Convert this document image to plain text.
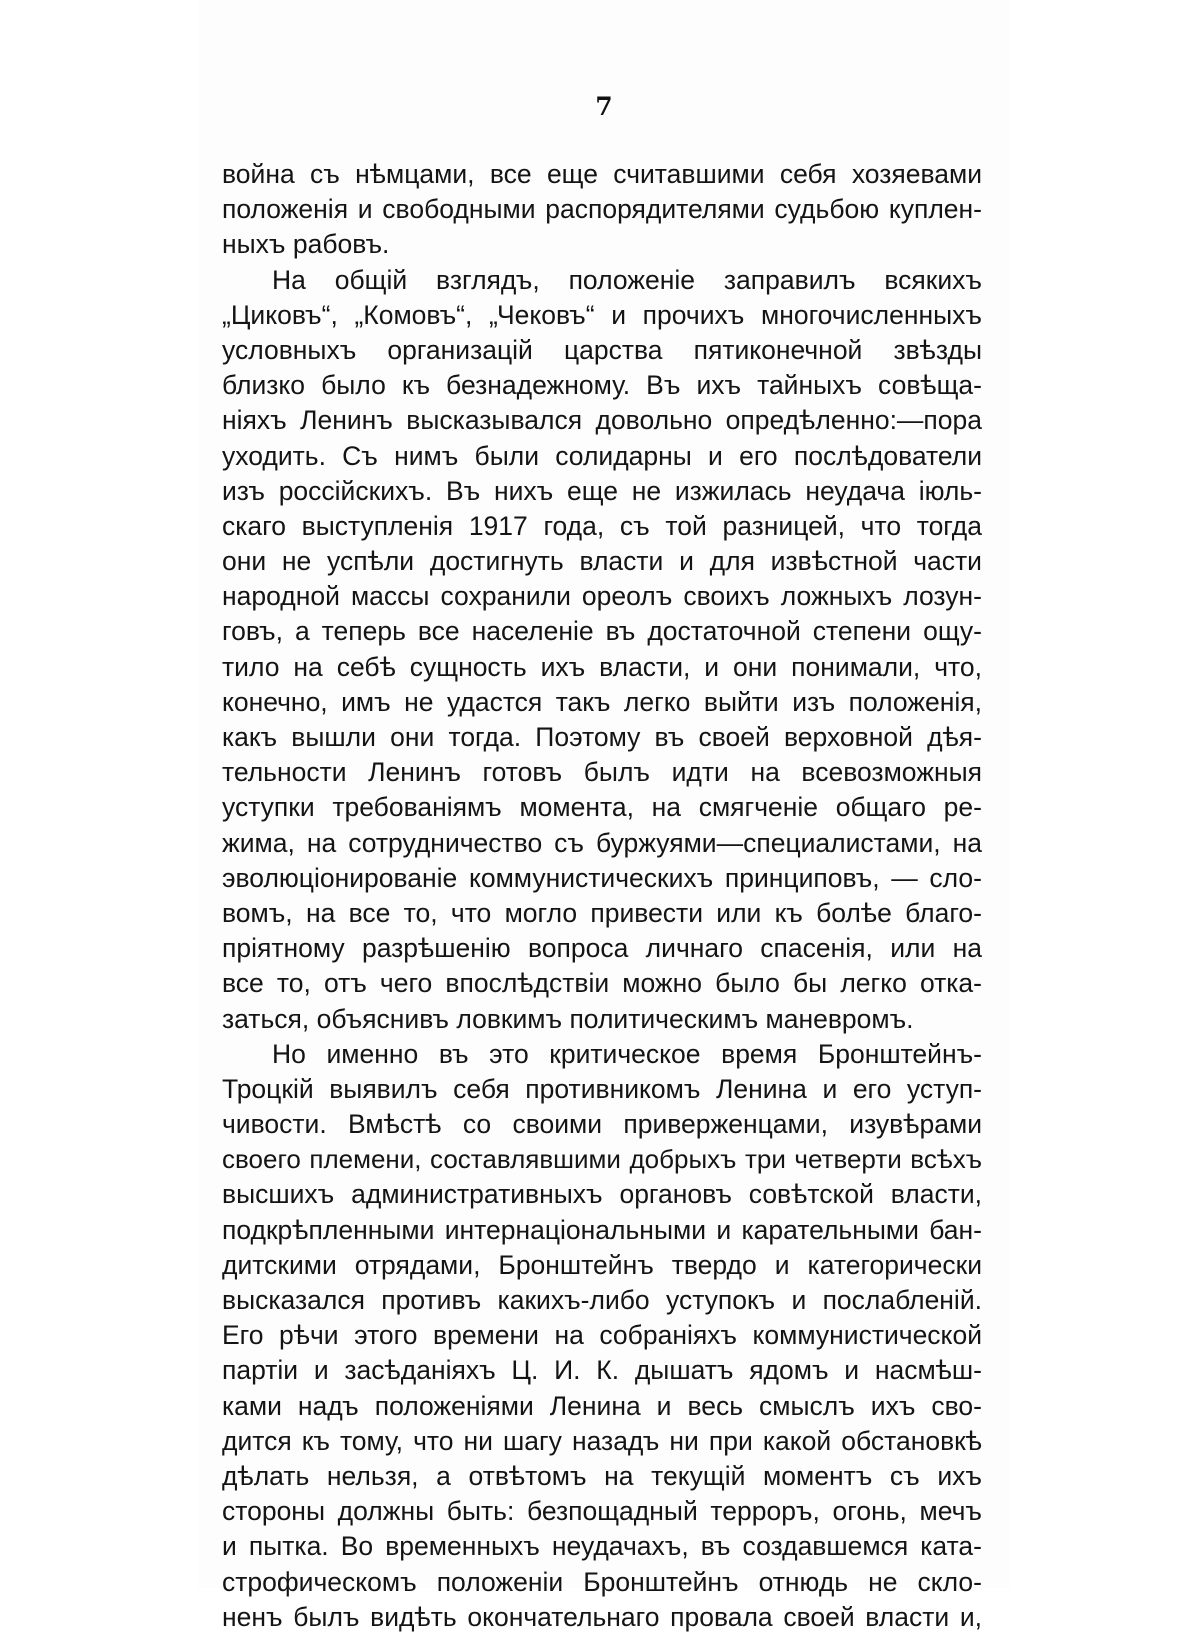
7
война съ нѣмцами, все еще считавшими себя хозяевами
положенія и свободными распорядителями судьбою куплен-
ныхъ рабовъ.
На общій взглядъ, положеніе заправилъ всякихъ
„Циковъ“, „Комовъ“, „Чековъ“ и прочихъ многочисленныхъ
условныхъ организацій царства пятиконечной звѣзды
близко было къ безнадежному. Въ ихъ тайныхъ совѣща-
ніяхъ Ленинъ высказывался довольно опредѣленно:—пора
уходить. Съ нимъ были солидарны и его послѣдователи
изъ россійскихъ. Въ нихъ еще не изжилась неудача іюль-
скаго выступленія 1917 года, съ той разницей, что тогда
они не успѣли достигнуть власти и для извѣстной части
народной массы сохранили ореолъ своихъ ложныхъ лозун-
говъ, а теперь все населеніе въ достаточной степени ощу-
тило на себѣ сущность ихъ власти, и они понимали, что,
конечно, имъ не удастся такъ легко выйти изъ положенія,
какъ вышли они тогда. Поэтому въ своей верховной дѣя-
тельности Ленинъ готовъ былъ идти на всевозможныя
уступки требованіямъ момента, на смягченіе общаго ре-
жима, на сотрудничество съ буржуями—специалистами, на
эволюціонированіе коммунистическихъ принциповъ, — сло-
вомъ, на все то, что могло привести или къ болѣе благо-
пріятному разрѣшенію вопроса личнаго спасенія, или на
все то, отъ чего впослѣдствіи можно было бы легко отка-
заться, объяснивъ ловкимъ политическимъ маневромъ.
Но именно въ это критическое время Бронштейнъ-
Троцкій выявилъ себя противникомъ Ленина и его уступ-
чивости. Вмѣстѣ со своими приверженцами, изувѣрами
своего племени, составлявшими добрыхъ три четверти всѣхъ
высшихъ административныхъ органовъ совѣтской власти,
подкрѣпленными интернаціональными и карательными бан-
дитскими отрядами, Бронштейнъ твердо и категорически
высказался противъ какихъ-либо уступокъ и послабленій.
Его рѣчи этого времени на собраніяхъ коммунистической
партіи и засѣданіяхъ Ц. И. К. дышатъ ядомъ и насмѣш-
ками надъ положеніями Ленина и весь смыслъ ихъ сво-
дится къ тому, что ни шагу назадъ ни при какой обстановкѣ
дѣлать нельзя, а отвѣтомъ на текущій моментъ съ ихъ
стороны должны быть: безпощадный терроръ, огонь, мечъ
и пытка. Во временныхъ неудачахъ, въ создавшемся ката-
строфическомъ положеніи Бронштейнъ отнюдь не скло-
ненъ былъ видѣть окончательнаго провала своей власти и,
